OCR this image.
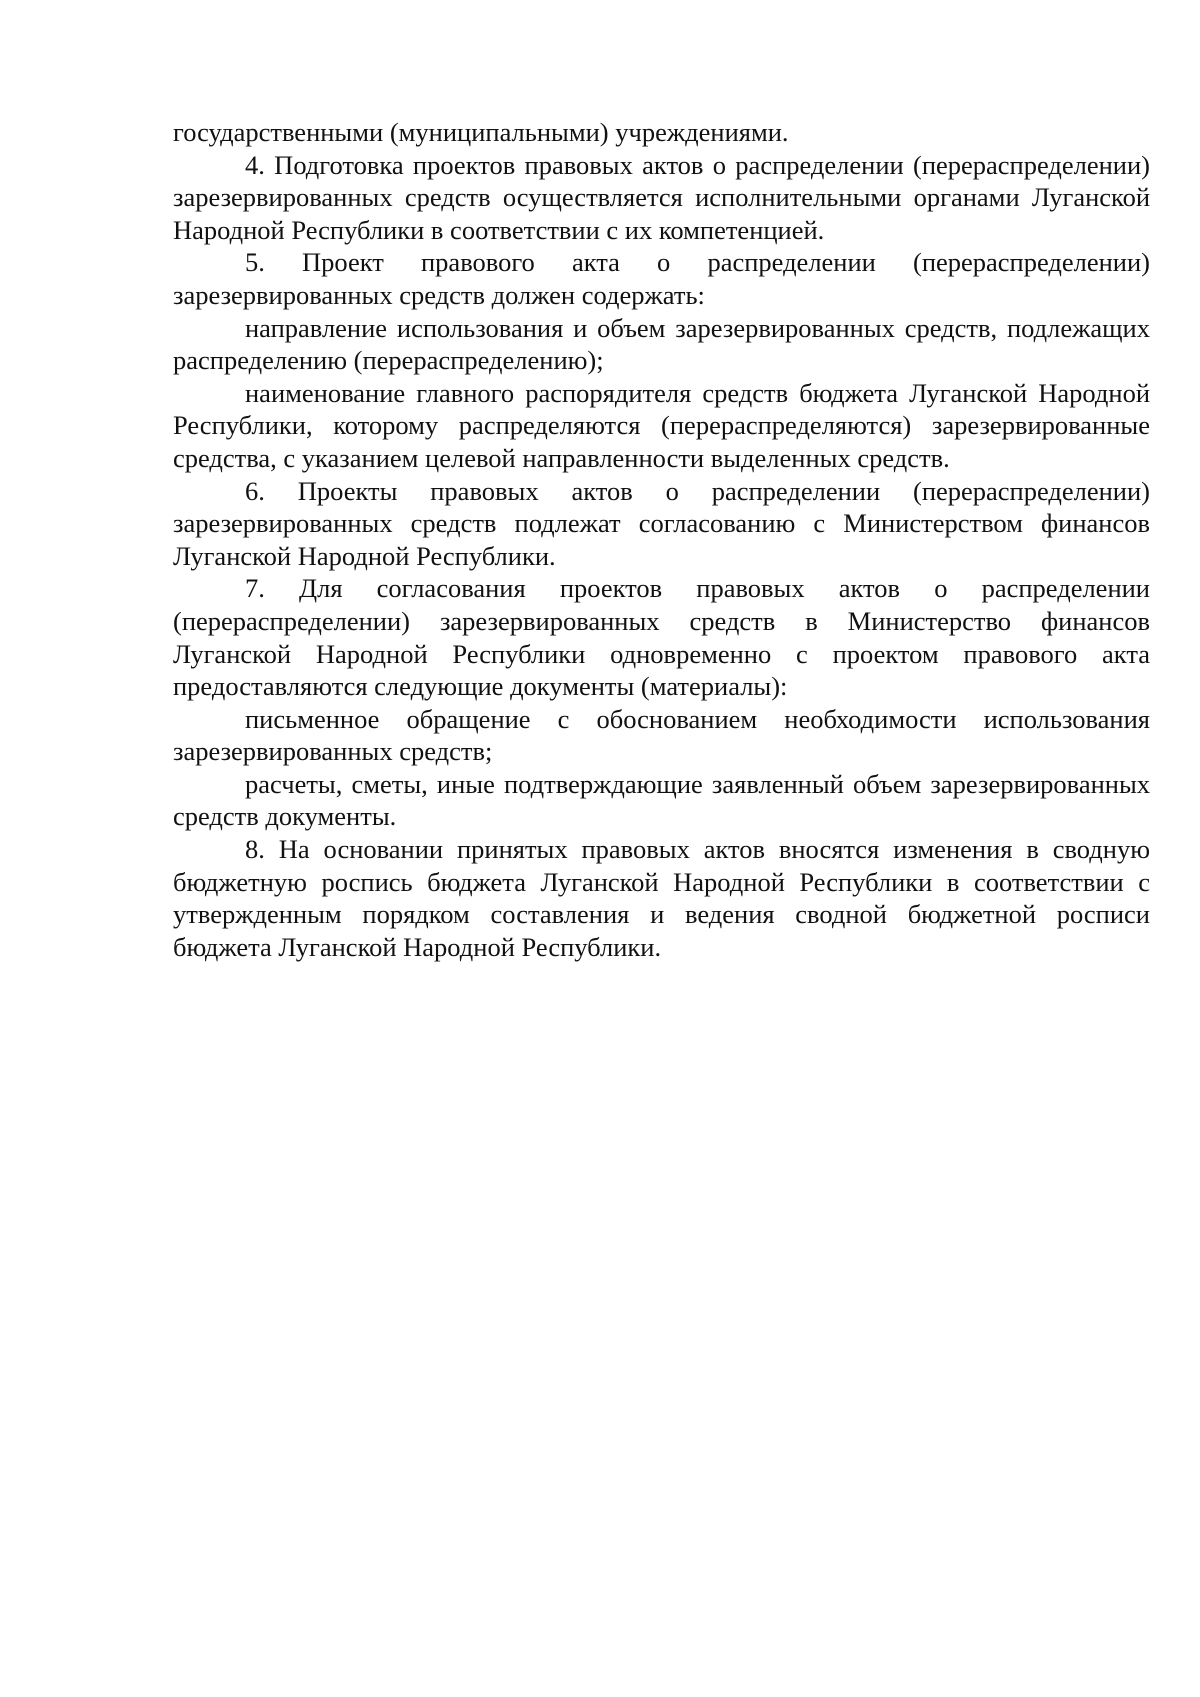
государственными (муниципальными) учреждениями.

4. Подготовка проектов правовых актов о распределении (перераспределении) зарезервированных средств осуществляется исполнительными органами Луганской Народной Республики в соответствии с их компетенцией.

5. Проект правового акта о распределении (перераспределении) зарезервированных средств должен содержать:

направление использования и объем зарезервированных средств, подлежащих распределению (перераспределению);

наименование главного распорядителя средств бюджета Луганской Народной Республики, которому распределяются (перераспределяются) зарезервированные средства, с указанием целевой направленности выделенных средств.

6. Проекты правовых актов о распределении (перераспределении) зарезервированных средств подлежат согласованию с Министерством финансов Луганской Народной Республики.

7. Для согласования проектов правовых актов о распределении (перераспределении) зарезервированных средств в Министерство финансов Луганской Народной Республики одновременно с проектом правового акта предоставляются следующие документы (материалы):

письменное обращение с обоснованием необходимости использования зарезервированных средств;

расчеты, сметы, иные подтверждающие заявленный объем зарезервированных средств документы.

8. На основании принятых правовых актов вносятся изменения в сводную бюджетную роспись бюджета Луганской Народной Республики в соответствии с утвержденным порядком составления и ведения сводной бюджетной росписи бюджета Луганской Народной Республики.
